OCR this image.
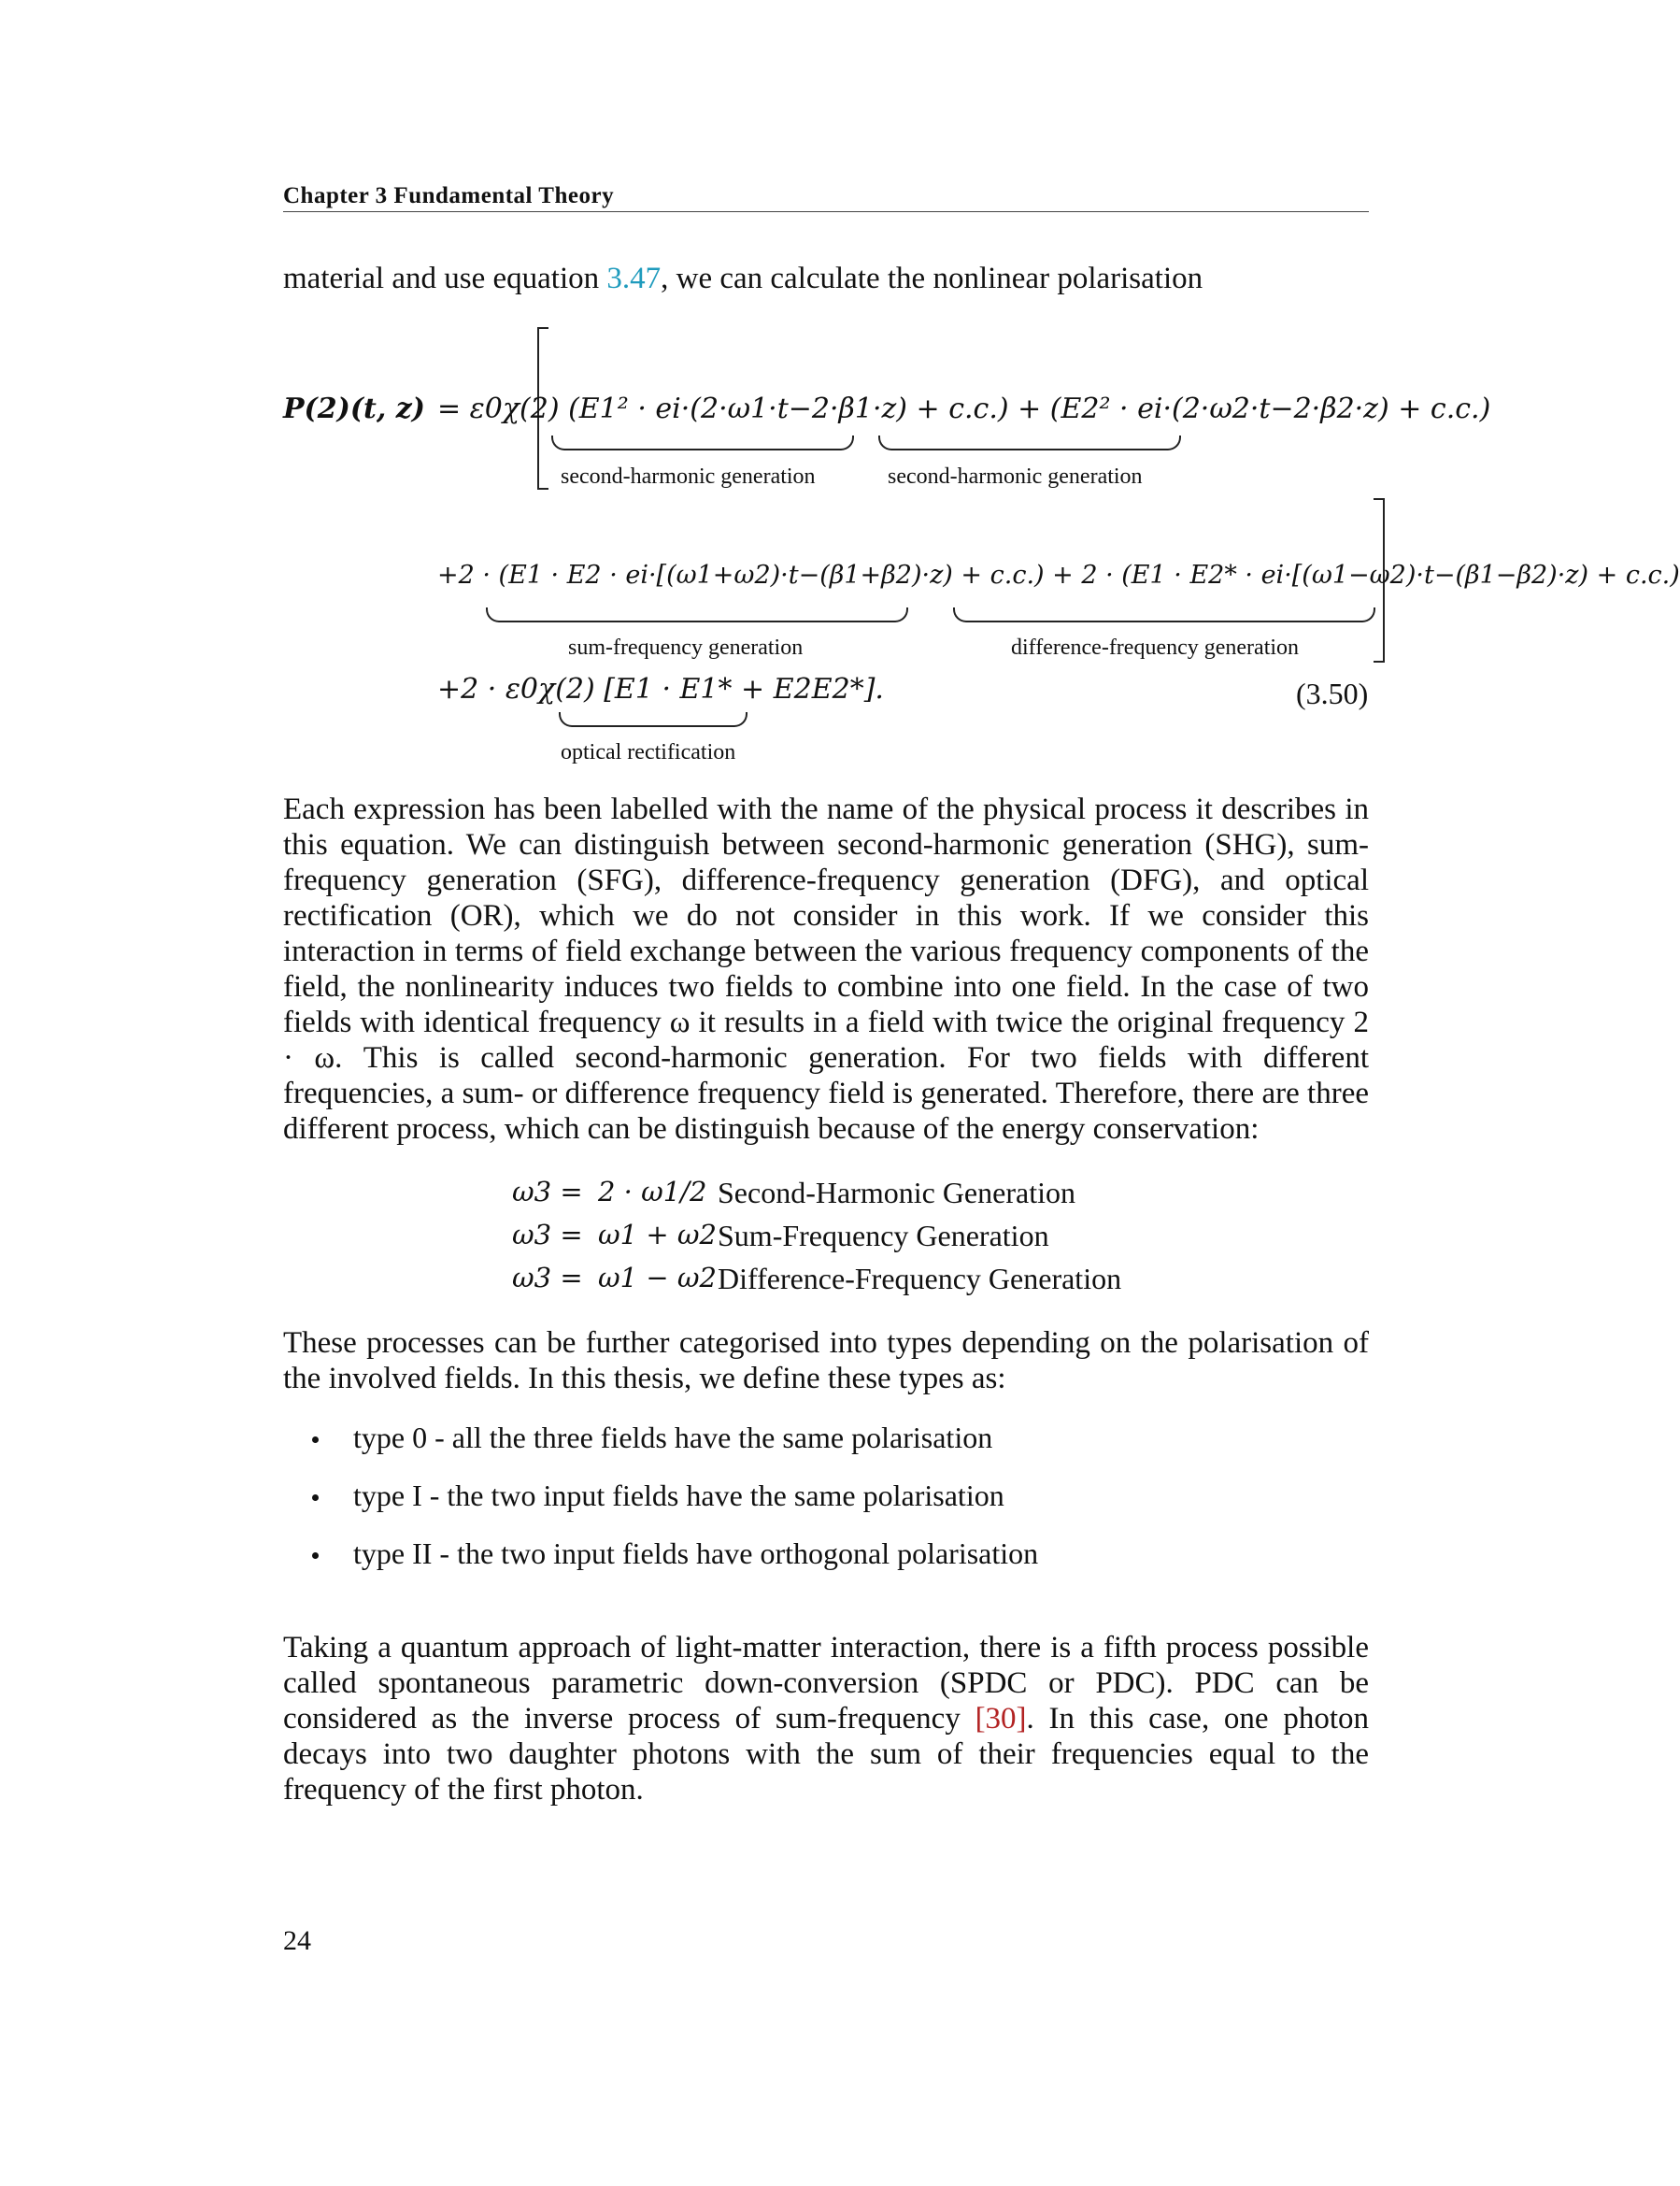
Chapter 3 Fundamental Theory
material and use equation 3.47, we can calculate the nonlinear polarisation
P(2)(t, z) = ε0χ(2) (E1² · ei·(2·ω1·t−2·β1·z) + c.c.) + (E2² · ei·(2·ω2·t−2·β2·z) + c.c.)
second-harmonic generation	second-harmonic generation
+2 · (E1 · E2 · ei·[(ω1+ω2)·t−(β1+β2)·z) + c.c.) + 2 · (E1 · E2* · ei·[(ω1−ω2)·t−(β1−β2)·z) + c.c.)
sum-frequency generation	difference-frequency generation
+2 · ε0χ(2) [E1 · E1* + E2E2*].	(3.50)
optical rectification

Each expression has been labelled with the name of the physical process it describes in this equation. We can distinguish between second-harmonic generation (SHG), sum-frequency generation (SFG), difference-frequency generation (DFG), and optical rectification (OR), which we do not consider in this work. If we consider this interaction in terms of field exchange between the various frequency components of the field, the nonlinearity induces two fields to combine into one field. In the case of two fields with identical frequency ω it results in a field with twice the original frequency 2 · ω. This is called second-harmonic generation. For two fields with different frequencies, a sum- or difference frequency field is generated. Therefore, there are three different process, which can be distinguish because of the energy conservation:

ω3 = 2 · ω1/2 Second-Harmonic Generation
ω3 = ω1 + ω2 Sum-Frequency Generation
ω3 = ω1 − ω2 Difference-Frequency Generation

These processes can be further categorised into types depending on the polarisation of the involved fields. In this thesis, we define these types as:

type 0 - all the three fields have the same polarisation
type I - the two input fields have the same polarisation
type II - the two input fields have orthogonal polarisation

Taking a quantum approach of light-matter interaction, there is a fifth process possible called spontaneous parametric down-conversion (SPDC or PDC). PDC can be considered as the inverse process of sum-frequency [30]. In this case, one photon decays into two daughter photons with the sum of their frequencies equal to the frequency of the first photon.

24
